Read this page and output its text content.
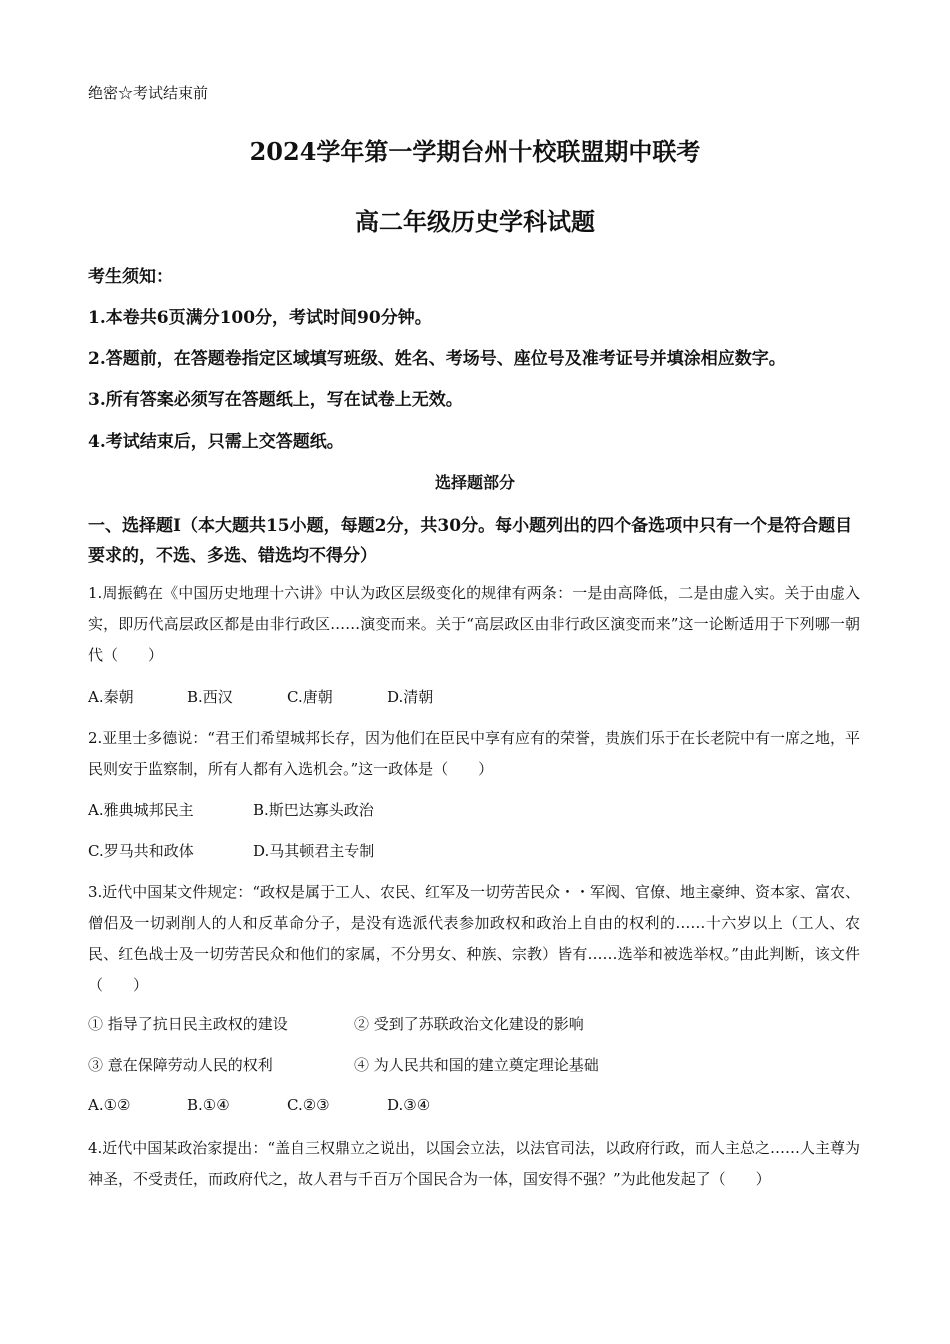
绝密☆考试结束前
2024学年第一学期台州十校联盟期中联考
高二年级历史学科试题
考生须知：
1.本卷共6页满分100分，考试时间90分钟。
2.答题前，在答题卷指定区域填写班级、姓名、考场号、座位号及准考证号并填涂相应数字。
3.所有答案必须写在答题纸上，写在试卷上无效。
4.考试结束后，只需上交答题纸。
选择题部分
一、选择题Ⅰ（本大题共15小题，每题2分，共30分。每小题列出的四个备选项中只有一个是符合题目要求的，不选、多选、错选均不得分）
1.周振鹤在《中国历史地理十六讲》中认为政区层级变化的规律有两条：一是由高降低，二是由虚入实。关于由虚入实，即历代高层政区都是由非行政区……演变而来。关于“高层政区由非行政区演变而来”这一论断适用于下列哪一朝代（　　）
A.秦朝	B.西汉	C.唐朝	D.清朝
2.亚里士多德说：“君王们希望城邦长存，因为他们在臣民中享有应有的荣誉，贵族们乐于在长老院中有一席之地，平民则安于监察制，所有人都有入选机会。”这一政体是（　　）
A.雅典城邦民主	B.斯巴达寡头政治
C.罗马共和政体	D.马其顿君主专制
3.近代中国某文件规定：“政权是属于工人、农民、红军及一切劳苦民众・・军阀、官僚、地主豪绅、资本家、富农、僧侣及一切剥削人的人和反革命分子，是没有选派代表参加政权和政治上自由的权利的……十六岁以上（工人、农民、红色战士及一切劳苦民众和他们的家属，不分男女、种族、宗教）皆有……选举和被选举权。”由此判断，该文件（　　）
① 指导了抗日民主政权的建设	② 受到了苏联政治文化建设的影响
③ 意在保障劳动人民的权利	④ 为人民共和国的建立奠定理论基础
A.①②	B.①④	C.②③	D.③④
4.近代中国某政治家提出：“盖自三权鼎立之说出，以国会立法，以法官司法，以政府行政，而人主总之……人主尊为神圣，不受责任，而政府代之，故人君与千百万个国民合为一体，国安得不强？”为此他发起了（　　）
